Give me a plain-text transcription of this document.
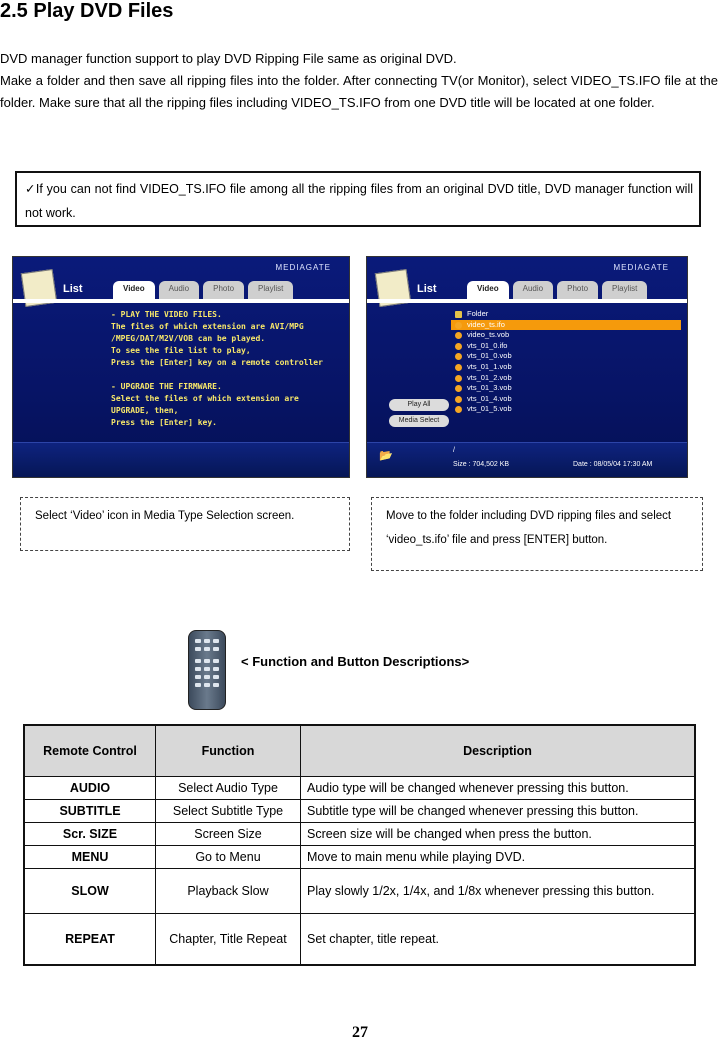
2.5 Play DVD Files
DVD manager function support to play DVD Ripping File same as original DVD.
Make a folder and then save all ripping files into the folder. After connecting TV(or Monitor), select VIDEO_TS.IFO file at the folder. Make sure that all the ripping files including VIDEO_TS.IFO from one DVD title will be located at one folder.
✓If you can not find VIDEO_TS.IFO file among all the ripping files from an original DVD title, DVD manager function will not work.
MEDIAGATE
List	Video	Audio	Photo	Playlist
- PLAY THE VIDEO FILES.
The files of which extension are AVI/MPG
/MPEG/DAT/M2V/VOB can be played.
To see the file list to play,
Press the [Enter] key on a remote controller

- UPGRADE THE FIRMWARE.
Select the files of which extension are
UPGRADE, then,
Press the [Enter] key.
MEDIAGATE
List	Video	Audio	Photo	Playlist
Folder
video_ts.ifo
video_ts.vob
vts_01_0.ifo
vts_01_0.vob
vts_01_1.vob
vts_01_2.vob
vts_01_3.vob
vts_01_4.vob
vts_01_5.vob
Play All
Media Select
📂	/
Size : 704,502 KB	Date : 08/05/04 17:30 AM
Select ‘Video’ icon in Media Type Selection screen.	Move to the folder including DVD ripping files and select ‘video_ts.ifo’ file and press [ENTER] button.
< Function and Button Descriptions>
Remote Control	Function	Description
AUDIO	Select Audio Type	Audio type will be changed whenever pressing this button.
SUBTITLE	Select Subtitle Type	Subtitle type will be changed whenever pressing this button.
Scr. SIZE	Screen Size	Screen size will be changed when press the button.
MENU	Go to Menu	Move to main menu while playing DVD.
SLOW	Playback Slow	Play slowly 1/2x, 1/4x, and 1/8x whenever pressing this button.
REPEAT	Chapter, Title Repeat	Set chapter, title repeat.
27
